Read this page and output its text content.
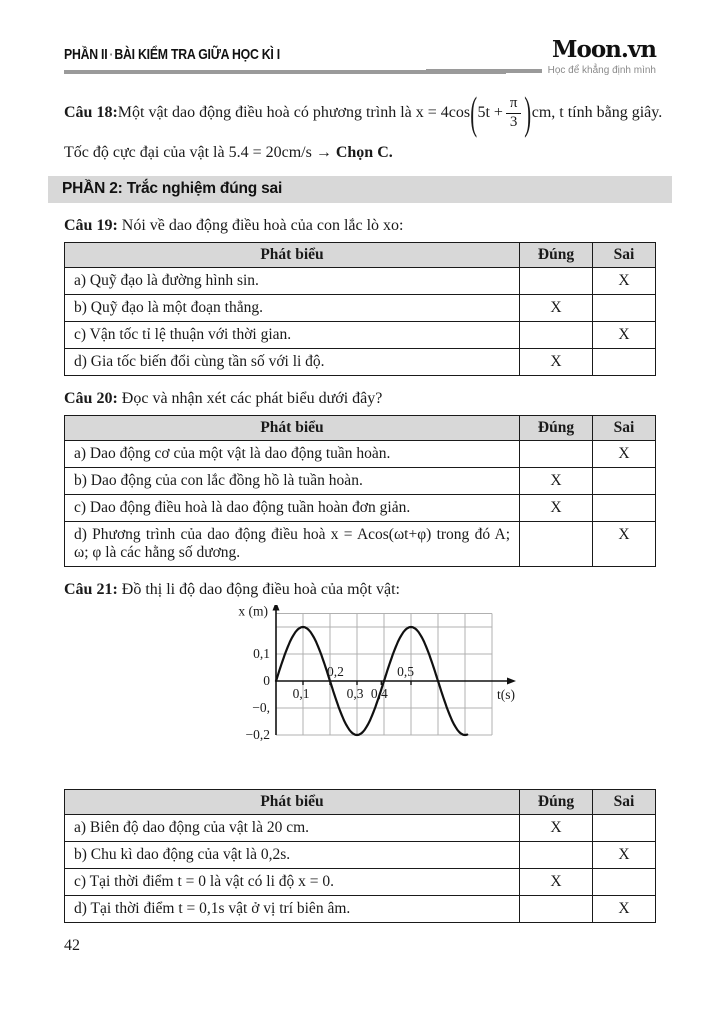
PHẦN II ▪ BÀI KIỂM TRA GIỮA HỌC KÌ I	Moon.vn
Học để khẳng định mình
Câu 18: Một vật dao động điều hoà có phương trình là x = 4cos ( $5t + \frac{\pi}{3}$ ) cm, t tính bằng giây.
Tốc độ cực đại của vật là 5.4 = 20cm/s → Chọn C.
PHẦN 2: Trắc nghiệm đúng sai
Câu 19: Nói về dao động điều hoà của con lắc lò xo:
Phát biểu	Đúng	Sai
a) Quỹ đạo là đường hình sin.		X
b) Quỹ đạo là một đoạn thẳng.	X	
c) Vận tốc tỉ lệ thuận với thời gian.		X
d) Gia tốc biến đổi cùng tần số với li độ.	X	
Câu 20: Đọc và nhận xét các phát biểu dưới đây?
Phát biểu	Đúng	Sai
a) Dao động cơ của một vật là dao động tuần hoàn.		X
b) Dao động của con lắc đồng hồ là tuần hoàn.	X	
c) Dao động điều hoà là dao động tuần hoàn đơn giản.	X	
d) Phương trình của dao động điều hoà x = Acos(ωt+φ) trong đó A; ω; φ là các hằng số dương.		X
Câu 21: Đồ thị li độ dao động điều hoà của một vật:
0,1
0,2
0,3 0,4
0,5
0,1
0
−0,
−0,2
x (m)
t(s)
Phát biểu	Đúng	Sai
a) Biên độ dao động của vật là 20 cm.	X	
b) Chu kì dao động của vật là 0,2s.		X
c) Tại thời điểm t = 0 là vật có li độ x = 0.	X	
d) Tại thời điểm t = 0,1s vật ở vị trí biên âm.		X
42
